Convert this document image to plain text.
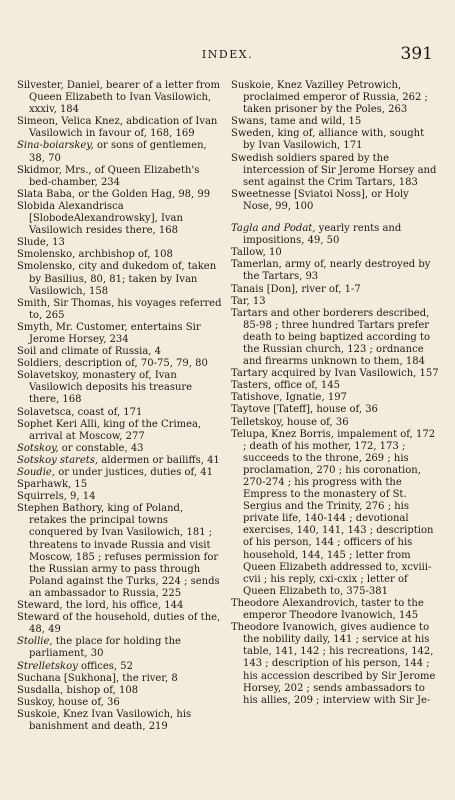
INDEX.	391

Silvester, Daniel, bearer of a letter from Queen Elizabeth to Ivan Vasilowich, xxxiv, 184

Simeon, Velica Knez, abdication of Ivan Vasilowich in favour of, 168, 169

Sina-boiarskey, or sons of gentlemen, 38, 70

Skidmor, Mrs., of Queen Elizabeth's bed-chamber, 234

Slata Baba, or the Golden Hag, 98, 99

Slobida Alexandrisca [SlobodeAlexandrowsky], Ivan Vasilowich resides there, 168

Slude, 13

Smolensko, archbishop of, 108

Smolensko, city and dukedom of, taken by Basilius, 80, 81; taken by Ivan Vasilowich, 158

Smith, Sir Thomas, his voyages referred to, 265

Smyth, Mr. Customer, entertains Sir Jerome Horsey, 234

Soil and climate of Russia, 4

Soldiers, description of, 70-75, 79, 80

Solavetskoy, monastery of, Ivan Vasilowich deposits his treasure there, 168

Solavetsca, coast of, 171

Sophet Keri Alli, king of the Crimea, arrival at Moscow, 277

Sotskoy, or constable, 43

Sotskoy starets, aldermen or bailiffs, 41

Soudie, or under justices, duties of, 41

Sparhawk, 15

Squirrels, 9, 14

Stephen Bathory, king of Poland, retakes the principal towns conquered by Ivan Vasilowich, 181 ; threatens to invade Russia and visit Moscow, 185 ; refuses permission for the Russian army to pass through Poland against the Turks, 224 ; sends an ambassador to Russia, 225

Steward, the lord, his office, 144

Steward of the household, duties of the, 48, 49

Stollie, the place for holding the parliament, 30

Strelletskoy offices, 52

Suchana [Sukhona], the river, 8

Susdalla, bishop of, 108

Suskoy, house of, 36

Suskoie, Knez Ivan Vasilowich, his banishment and death, 219

Suskoie, Knez Vazilley Petrowich, proclaimed emperor of Russia, 262 ; taken prisoner by the Poles, 263

Swans, tame and wild, 15

Sweden, king of, alliance with, sought by Ivan Vasilowich, 171

Swedish soldiers spared by the intercession of Sir Jerome Horsey and sent against the Crim Tartars, 183

Sweetnesse [Sviatoi Noss], or Holy Nose, 99, 100

Tagla and Podat, yearly rents and impositions, 49, 50

Tallow, 10

Tamerlan, army of, nearly destroyed by the Tartars, 93

Tanais [Don], river of, 1-7

Tar, 13

Tartars and other borderers described, 85-98 ; three hundred Tartars prefer death to being baptized according to the Russian church, 123 ; ordnance and firearms unknown to them, 184

Tartary acquired by Ivan Vasilowich, 157

Tasters, office of, 145

Tatishove, Ignatie, 197

Taytove [Tateff], house of, 36

Telletskoy, house of, 36

Telupa, Knez Borris, impalement of, 172 ; death of his mother, 172, 173 ; succeeds to the throne, 269 ; his proclamation, 270 ; his coronation, 270-274 ; his progress with the Empress to the monastery of St. Sergius and the Trinity, 276 ; his private life, 140-144 ; devotional exercises, 140, 141, 143 ; description of his person, 144 ; officers of his household, 144, 145 ; letter from Queen Elizabeth addressed to, xcviii-cvii ; his reply, cxi-cxix ; letter of Queen Elizabeth to, 375-381

Theodore Alexandrovich, taster to the emperor Theodore Ivanowich, 145

Theodore Ivanowich, gives audience to the nobility daily, 141 ; service at his table, 141, 142 ; his recreations, 142, 143 ; description of his person, 144 ; his accession described by Sir Jerome Horsey, 202 ; sends ambassadors to his allies, 209 ; interview with Sir Je-
